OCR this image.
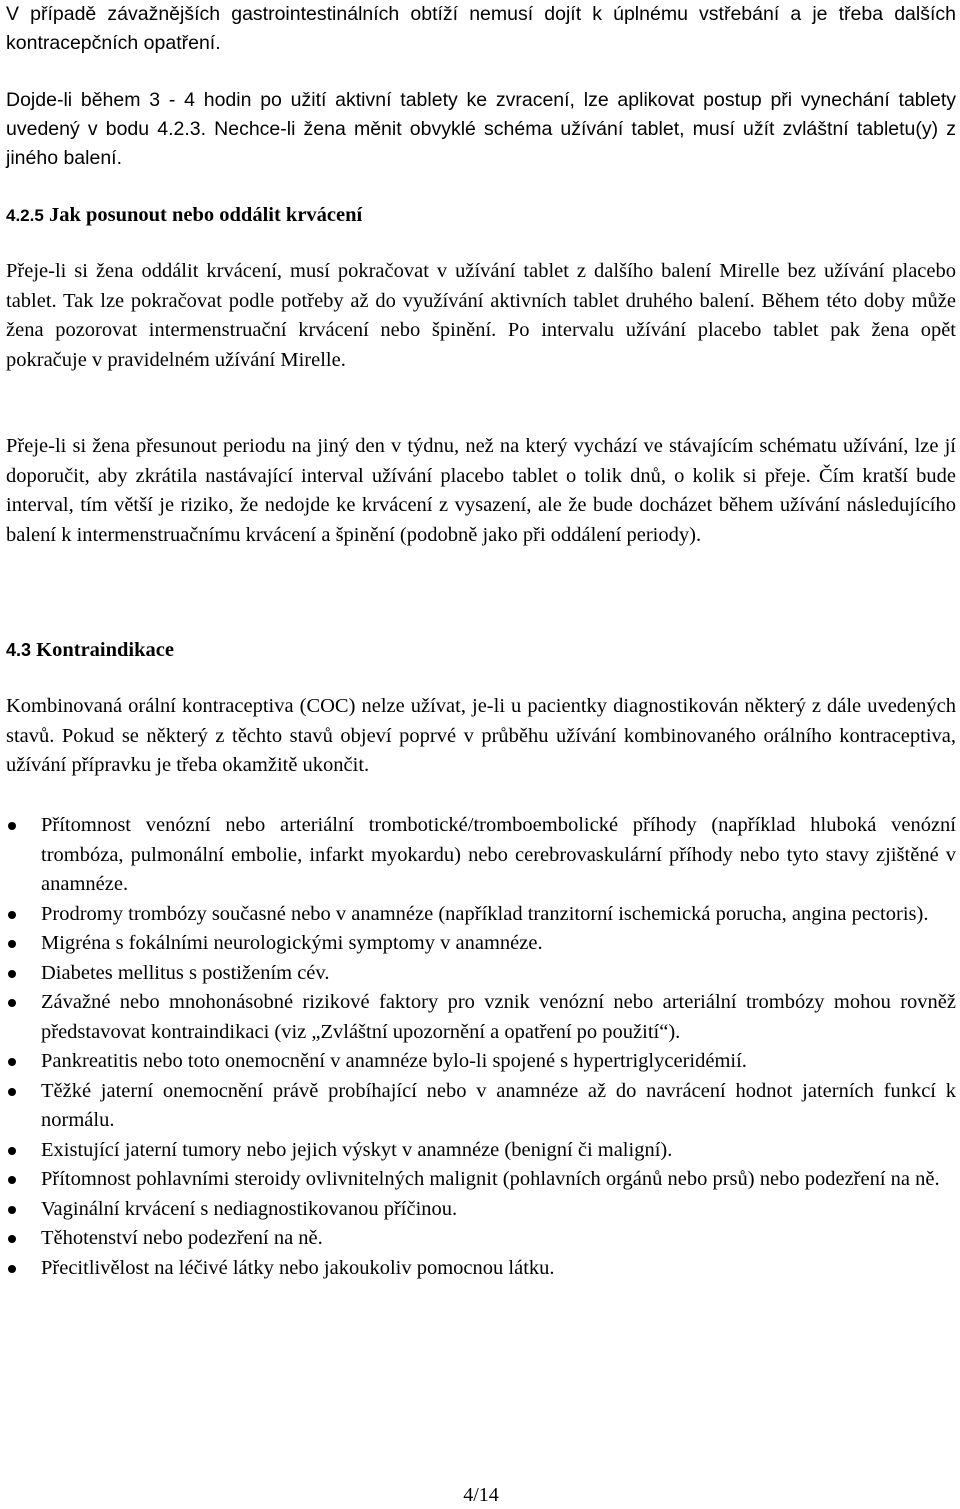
V případě závažnějších gastrointestinálních obtíží nemusí dojít k úplnému vstřebání a je třeba dalších kontracepčních opatření.

Dojde-li během 3 - 4 hodin po užití aktivní tablety ke zvracení, lze aplikovat postup při vynechání tablety uvedený v bodu 4.2.3. Nechce-li žena měnit obvyklé schéma užívání tablet, musí užít zvláštní tabletu(y) z jiného balení.

4.2.5 Jak posunout nebo oddálit krvácení

Přeje-li si žena oddálit krvácení, musí pokračovat v užívání tablet z dalšího balení Mirelle bez užívání placebo tablet. Tak lze pokračovat podle potřeby až do využívání aktivních tablet druhého balení. Během této doby může žena pozorovat intermenstruační krvácení nebo špinění. Po intervalu užívání placebo tablet pak žena opět pokračuje v pravidelném užívání Mirelle.

Přeje-li si žena přesunout periodu na jiný den v týdnu, než na který vychází ve stávajícím schématu užívání, lze jí doporučit, aby zkrátila nastávající interval užívání placebo tablet o tolik dnů, o kolik si přeje. Čím kratší bude interval, tím větší je riziko, že nedojde ke krvácení z vysazení, ale že bude docházet během užívání následujícího balení k intermenstruačnímu krvácení a špinění (podobně jako při oddálení periody).

4.3 Kontraindikace

Kombinovaná orální kontraceptiva (COC) nelze užívat, je-li u pacientky diagnostikován některý z dále uvedených stavů. Pokud se některý z těchto stavů objeví poprvé v průběhu užívání kombinovaného orálního kontraceptiva, užívání přípravku je třeba okamžitě ukončit.

Přítomnost venózní nebo arteriální trombotické/tromboembolické příhody (například hluboká venózní trombóza, pulmonální embolie, infarkt myokardu) nebo cerebrovaskulární příhody nebo tyto stavy zjištěné v anamnéze.
Prodromy trombózy současné nebo v anamnéze (například tranzitorní ischemická porucha, angina pectoris).
Migréna s fokálními neurologickými symptomy v anamnéze.
Diabetes mellitus s postižením cév.
Závažné nebo mnohonásobné rizikové faktory pro vznik venózní nebo arteriální trombózy mohou rovněž představovat kontraindikaci (viz „Zvláštní upozornění a opatření po použití“).
Pankreatitis nebo toto onemocnění v anamnéze bylo-li spojené s hypertriglyceridémií.
Těžké jaterní onemocnění právě probíhající nebo v anamnéze až do navrácení hodnot jaterních funkcí k normálu.
Existující jaterní tumory nebo jejich výskyt v anamnéze (benigní či maligní).
Přítomnost pohlavními steroidy ovlivnitelných malignit (pohlavních orgánů nebo prsů) nebo podezření na ně.
Vaginální krvácení s nediagnostikovanou příčinou.
Těhotenství nebo podezření na ně.
Přecitlivělost na léčivé látky nebo jakoukoliv pomocnou látku.
4/14
